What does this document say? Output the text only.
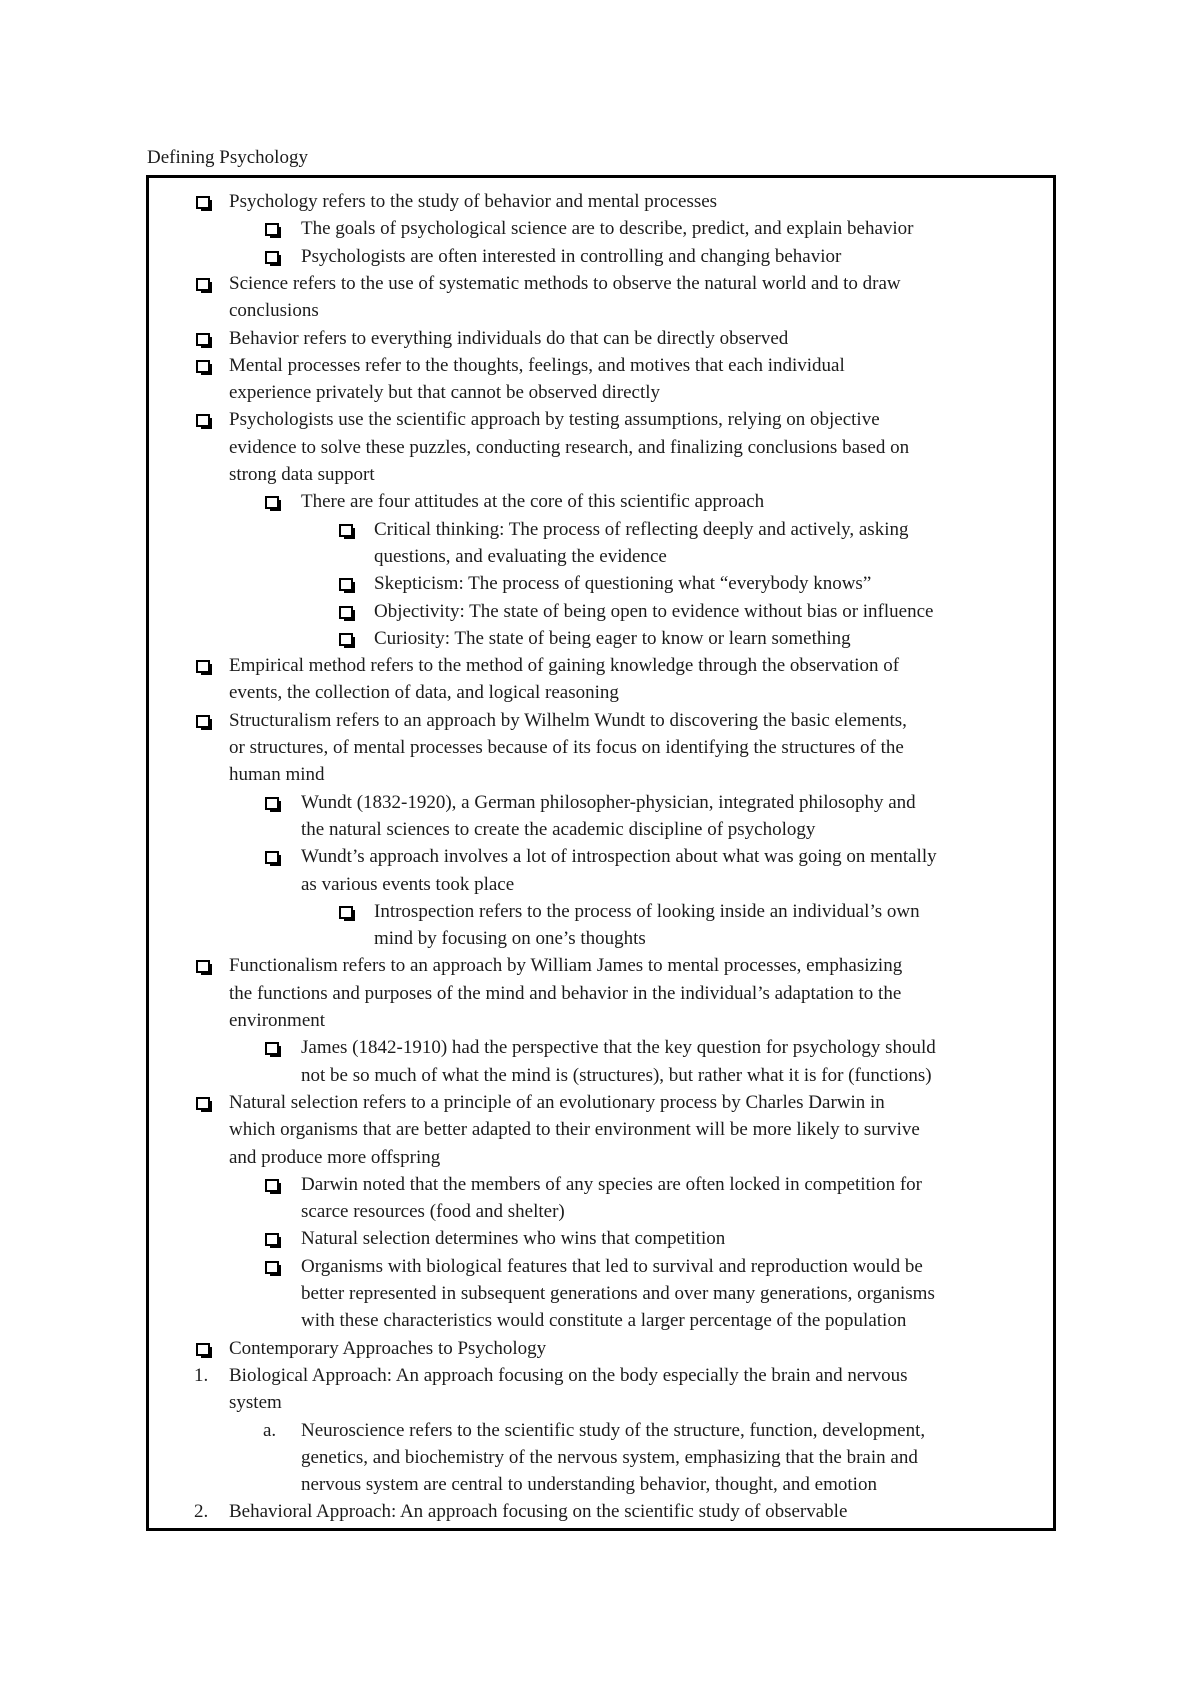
Defining Psychology
Psychology refers to the study of behavior and mental processes
The goals of psychological science are to describe, predict, and explain behavior
Psychologists are often interested in controlling and changing behavior
Science refers to the use of systematic methods to observe the natural world and to draw
conclusions
Behavior refers to everything individuals do that can be directly observed
Mental processes refer to the thoughts, feelings, and motives that each individual
experience privately but that cannot be observed directly
Psychologists use the scientific approach by testing assumptions, relying on objective
evidence to solve these puzzles, conducting research, and finalizing conclusions based on
strong data support
There are four attitudes at the core of this scientific approach
Critical thinking: The process of reflecting deeply and actively, asking
questions, and evaluating the evidence
Skepticism: The process of questioning what “everybody knows”
Objectivity: The state of being open to evidence without bias or influence
Curiosity: The state of being eager to know or learn something
Empirical method refers to the method of gaining knowledge through the observation of
events, the collection of data, and logical reasoning
Structuralism refers to an approach by Wilhelm Wundt to discovering the basic elements,
or structures, of mental processes because of its focus on identifying the structures of the
human mind
Wundt (1832-1920), a German philosopher-physician, integrated philosophy and
the natural sciences to create the academic discipline of psychology
Wundt’s approach involves a lot of introspection about what was going on mentally
as various events took place
Introspection refers to the process of looking inside an individual’s own
mind by focusing on one’s thoughts
Functionalism refers to an approach by William James to mental processes, emphasizing
the functions and purposes of the mind and behavior in the individual’s adaptation to the
environment
James (1842-1910) had the perspective that the key question for psychology should
not be so much of what the mind is (structures), but rather what it is for (functions)
Natural selection refers to a principle of an evolutionary process by Charles Darwin in
which organisms that are better adapted to their environment will be more likely to survive
and produce more offspring
Darwin noted that the members of any species are often locked in competition for
scarce resources (food and shelter)
Natural selection determines who wins that competition
Organisms with biological features that led to survival and reproduction would be
better represented in subsequent generations and over many generations, organisms
with these characteristics would constitute a larger percentage of the population
Contemporary Approaches to Psychology
1. Biological Approach: An approach focusing on the body especially the brain and nervous
system
a. Neuroscience refers to the scientific study of the structure, function, development,
genetics, and biochemistry of the nervous system, emphasizing that the brain and
nervous system are central to understanding behavior, thought, and emotion
2. Behavioral Approach: An approach focusing on the scientific study of observable
